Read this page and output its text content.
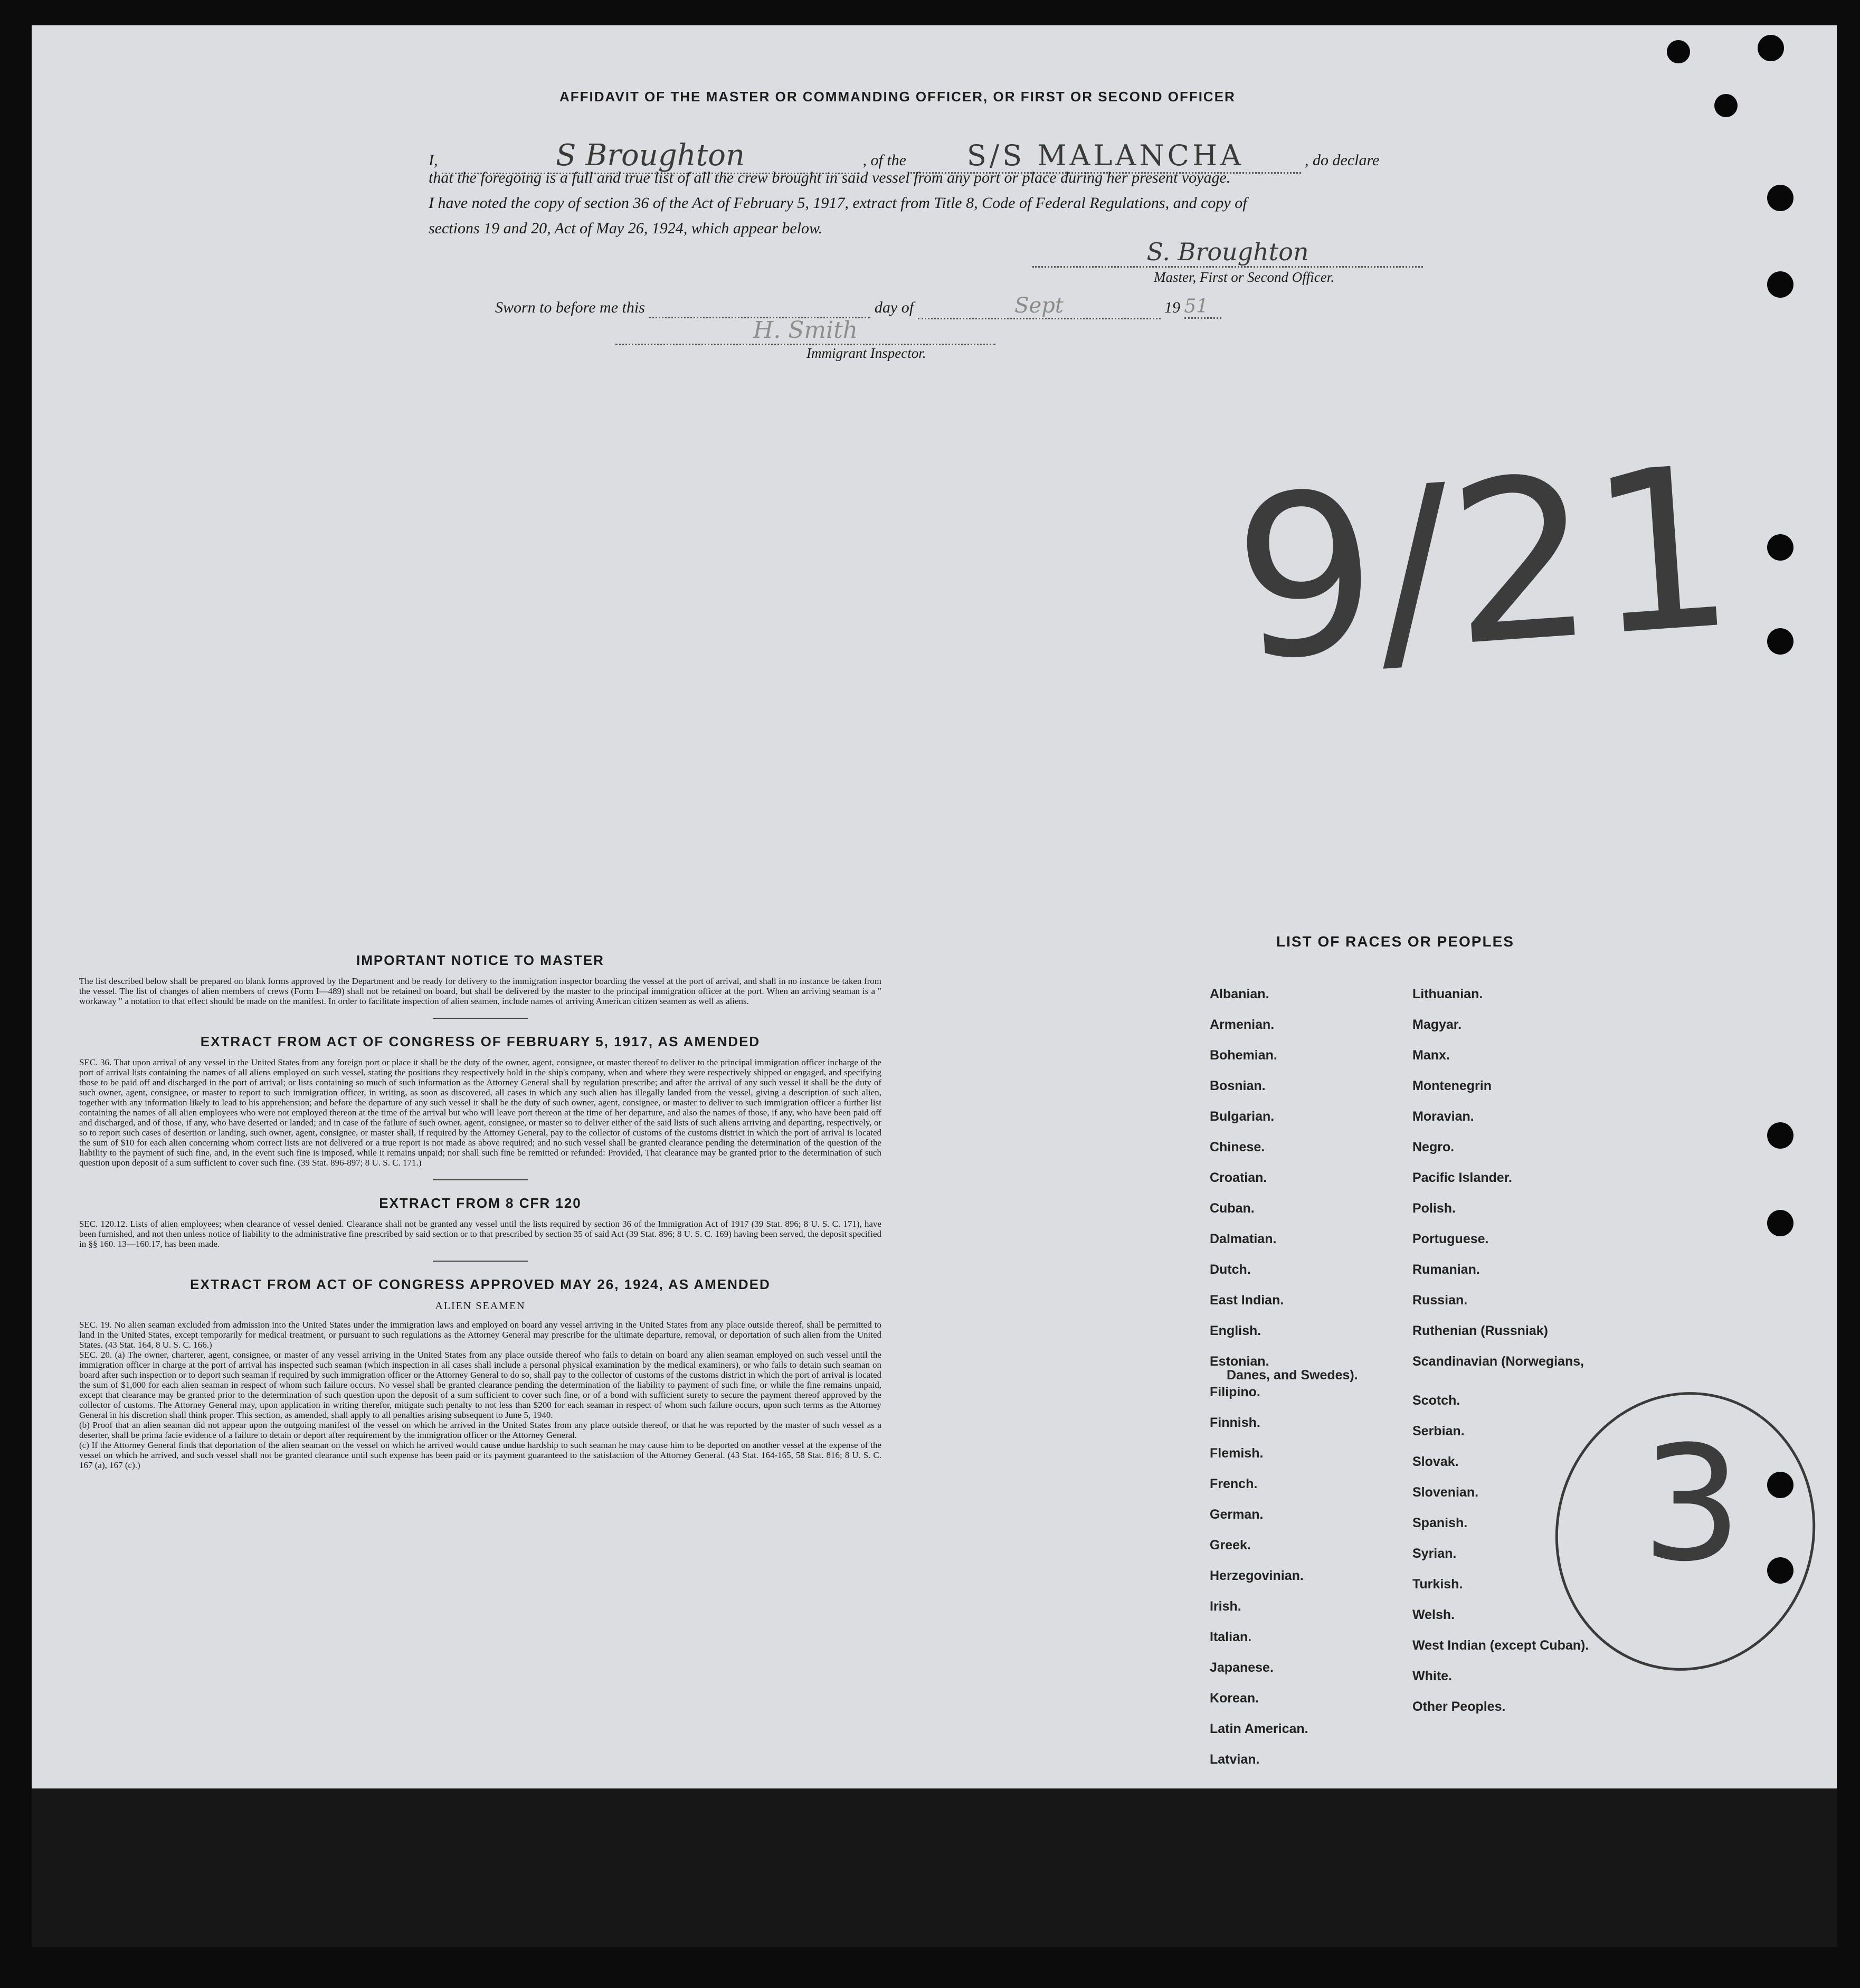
AFFIDAVIT OF THE MASTER OR COMMANDING OFFICER, OR FIRST OR SECOND OFFICER
I,	S Broughton	, of the S/S MALANCHA	, do declare
that the foregoing is a full and true list of all the crew brought in said vessel from any port or place during her present voyage.
I have noted the copy of section 36 of the Act of February 5, 1917, extract from Title 8, Code of Federal Regulations, and copy of
sections 19 and 20, Act of May 26, 1924, which appear below.
S. Broughton
Master, First or Second Officer.
Sworn to before me this	day of	Sept	19 51
H. Smith
Immigrant Inspector.
9/21
3
IMPORTANT NOTICE TO MASTER
The list described below shall be prepared on blank forms approved by the Department and be ready for delivery to the immigration inspector boarding the vessel at the port of arrival, and shall in no instance be taken from the vessel. The list of changes of alien members of crews (Form I—489) shall not be retained on board, but shall be delivered by the master to the principal immigration officer at the port. When an arriving seaman is a " workaway " a notation to that effect should be made on the manifest. In order to facilitate inspection of alien seamen, include names of arriving American citizen seamen as well as aliens.
EXTRACT FROM ACT OF CONGRESS OF FEBRUARY 5, 1917, AS AMENDED
SEC. 36. That upon arrival of any vessel in the United States from any foreign port or place it shall be the duty of the owner, agent, consignee, or master thereof to deliver to the principal immigration officer incharge of the port of arrival lists containing the names of all aliens employed on such vessel, stating the positions they respectively hold in the ship's company, when and where they were respectively shipped or engaged, and specifying those to be paid off and discharged in the port of arrival; or lists containing so much of such information as the Attorney General shall by regulation prescribe; and after the arrival of any such vessel it shall be the duty of such owner, agent, consignee, or master to report to such immigration officer, in writing, as soon as discovered, all cases in which any such alien has illegally landed from the vessel, giving a description of such alien, together with any information likely to lead to his apprehension; and before the departure of any such vessel it shall be the duty of such owner, agent, consignee, or master to deliver to such immigration officer a further list containing the names of all alien employees who were not employed thereon at the time of the arrival but who will leave port thereon at the time of her departure, and also the names of those, if any, who have been paid off and discharged, and of those, if any, who have deserted or landed; and in case of the failure of such owner, agent, consignee, or master so to deliver either of the said lists of such aliens arriving and departing, respectively, or so to report such cases of desertion or landing, such owner, agent, consignee, or master shall, if required by the Attorney General, pay to the collector of customs of the customs district in which the port of arrival is located the sum of $10 for each alien concerning whom correct lists are not delivered or a true report is not made as above required; and no such vessel shall be granted clearance pending the determination of the question of the liability to the payment of such fine, and, in the event such fine is imposed, while it remains unpaid; nor shall such fine be remitted or refunded: Provided, That clearance may be granted prior to the determination of such question upon deposit of a sum sufficient to cover such fine. (39 Stat. 896-897; 8 U. S. C. 171.)
EXTRACT FROM 8 CFR 120
SEC. 120.12. Lists of alien employees; when clearance of vessel denied. Clearance shall not be granted any vessel until the lists required by section 36 of the Immigration Act of 1917 (39 Stat. 896; 8 U. S. C. 171), have been furnished, and not then unless notice of liability to the administrative fine prescribed by said section or to that prescribed by section 35 of said Act (39 Stat. 896; 8 U. S. C. 169) having been served, the deposit specified in §§ 160. 13—160.17, has been made.
EXTRACT FROM ACT OF CONGRESS APPROVED MAY 26, 1924, AS AMENDED
ALIEN SEAMEN
SEC. 19. No alien seaman excluded from admission into the United States under the immigration laws and employed on board any vessel arriving in the United States from any place outside thereof, shall be permitted to land in the United States, except temporarily for medical treatment, or pursuant to such regulations as the Attorney General may prescribe for the ultimate departure, removal, or deportation of such alien from the United States. (43 Stat. 164, 8 U. S. C. 166.)
SEC. 20. (a) The owner, charterer, agent, consignee, or master of any vessel arriving in the United States from any place outside thereof who fails to detain on board any alien seaman employed on such vessel until the immigration officer in charge at the port of arrival has inspected such seaman (which inspection in all cases shall include a personal physical examination by the medical examiners), or who fails to detain such seaman on board after such inspection or to deport such seaman if required by such immigration officer or the Attorney General to do so, shall pay to the collector of customs of the customs district in which the port of arrival is located the sum of $1,000 for each alien seaman in respect of whom such failure occurs. No vessel shall be granted clearance pending the determination of the liability to payment of such fine, or while the fine remains unpaid, except that clearance may be granted prior to the determination of such question upon the deposit of a sum sufficient to cover such fine, or of a bond with sufficient surety to secure the payment thereof approved by the collector of customs. The Attorney General may, upon application in writing therefor, mitigate such penalty to not less than $200 for each seaman in respect of whom such failure occurs, upon such terms as the Attorney General in his discretion shall think proper. This section, as amended, shall apply to all penalties arising subsequent to June 5, 1940.
(b) Proof that an alien seaman did not appear upon the outgoing manifest of the vessel on which he arrived in the United States from any place outside thereof, or that he was reported by the master of such vessel as a deserter, shall be prima facie evidence of a failure to detain or deport after requirement by the immigration officer or the Attorney General.
(c) If the Attorney General finds that deportation of the alien seaman on the vessel on which he arrived would cause undue hardship to such seaman he may cause him to be deported on another vessel at the expense of the vessel on which he arrived, and such vessel shall not be granted clearance until such expense has been paid or its payment guaranteed to the satisfaction of the Attorney General. (43 Stat. 164-165, 58 Stat. 816; 8 U. S. C. 167 (a), 167 (c).)
LIST OF RACES OR PEOPLES
Albanian.
Armenian.
Bohemian.
Bosnian.
Bulgarian.
Chinese.
Croatian.
Cuban.
Dalmatian.
Dutch.
East Indian.
English.
Estonian.
Filipino.
Finnish.
Flemish.
French.
German.
Greek.
Herzegovinian.
Irish.
Italian.
Japanese.
Korean.
Latin American.
Latvian.
Lithuanian.
Magyar.
Manx.
Montenegrin
Moravian.
Negro.
Pacific Islander.
Polish.
Portuguese.
Rumanian.
Russian.
Ruthenian (Russniak)
Scandinavian (Norwegians,
Danes, and Swedes).
Scotch.
Serbian.
Slovak.
Slovenian.
Spanish.
Syrian.
Turkish.
Welsh.
West Indian (except Cuban).
White.
Other Peoples.
